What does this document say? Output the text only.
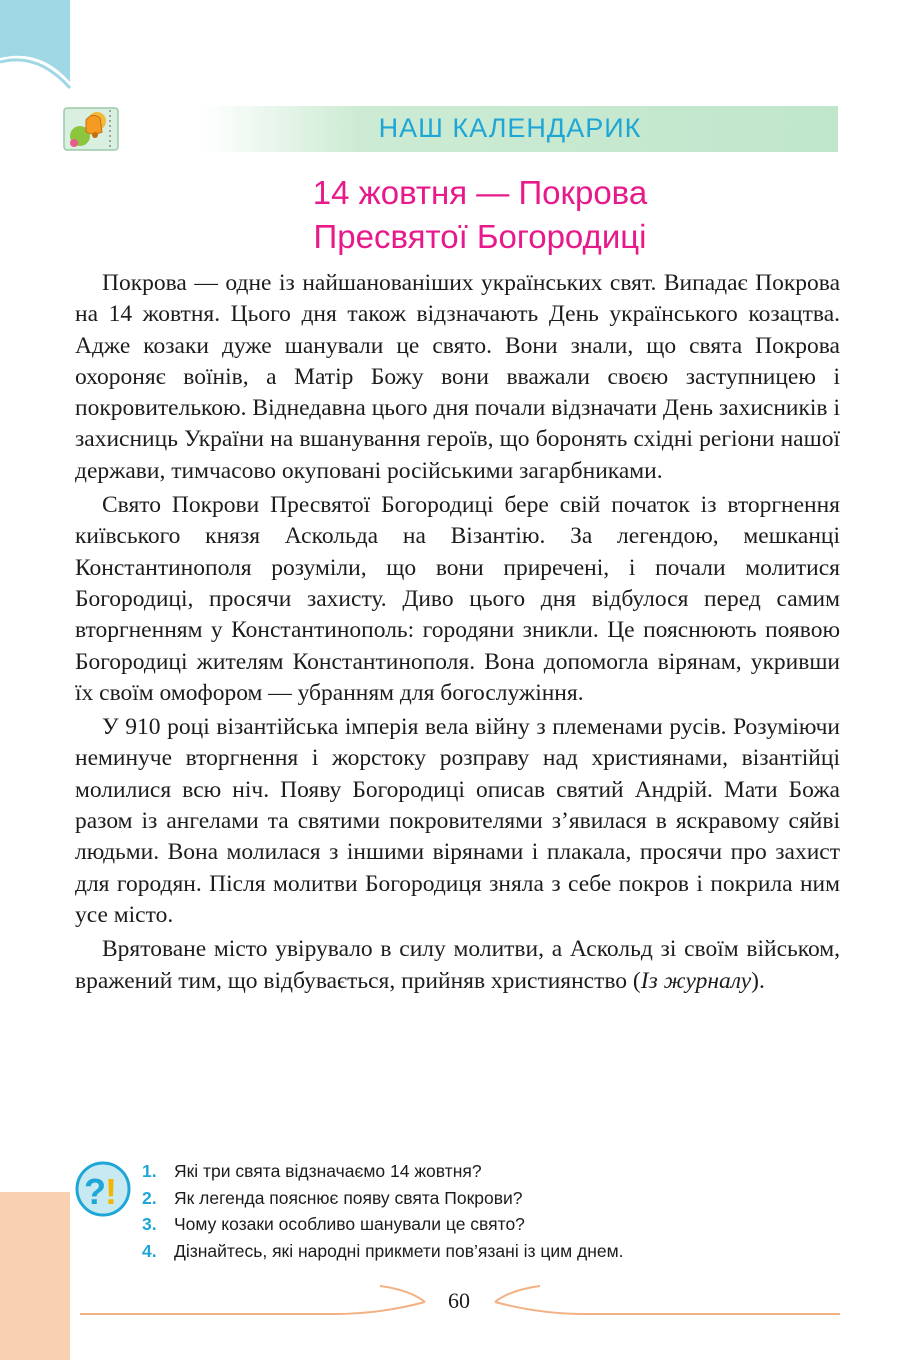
НАШ КАЛЕНДАРИК
14 жовтня — Покрова
Пресвятої Богородиці

Покрова — одне із найшанованіших українських свят. Випадає Покрова на 14 жовтня. Цього дня також відзначають День українського козацтва. Адже козаки дуже шанували це свято. Вони знали, що свята Покрова охороняє воїнів, а Матір Божу вони вважали своєю заступницею і покровителькою. Віднедавна цього дня почали відзначати День захисників і захисниць України на вшанування героїв, що боронять східні регіони нашої держави, тимчасово окуповані російськими загарбниками.

Свято Покрови Пресвятої Богородиці бере свій початок із вторгнення київського князя Аскольда на Візантію. За легендою, мешканці Константинополя розуміли, що вони приречені, і почали молитися Богородиці, просячи захисту. Диво цього дня відбулося перед самим вторгненням у Константинополь: городяни зникли. Це пояснюють появою Богородиці жителям Константинополя. Вона допомогла вірянам, укривши їх своїм омофором — убранням для богослужіння.

У 910 році візантійська імперія вела війну з племенами русів. Розуміючи неминуче вторгнення і жорстоку розправу над християнами, візантійці молилися всю ніч. Появу Богородиці описав святий Андрій. Мати Божа разом із ангелами та святими покровителями з’явилася в яскравому сяйві людьми. Вона молилася з іншими вірянами і плакала, просячи про захист для городян. Після молитви Богородиця зняла з себе покров і покрила ним усе місто.

Врятоване місто увірувало в силу молитви, а Аскольд зі своїм військом, вражений тим, що відбувається, прийняв християнство (Із журналу).

? ! 1. Які три свята відзначаємо 14 жовтня?
2. Як легенда пояснює появу свята Покрови?
3. Чому козаки особливо шанували це свято?
4. Дізнайтесь, які народні прикмети пов’язані із цим днем.
60
